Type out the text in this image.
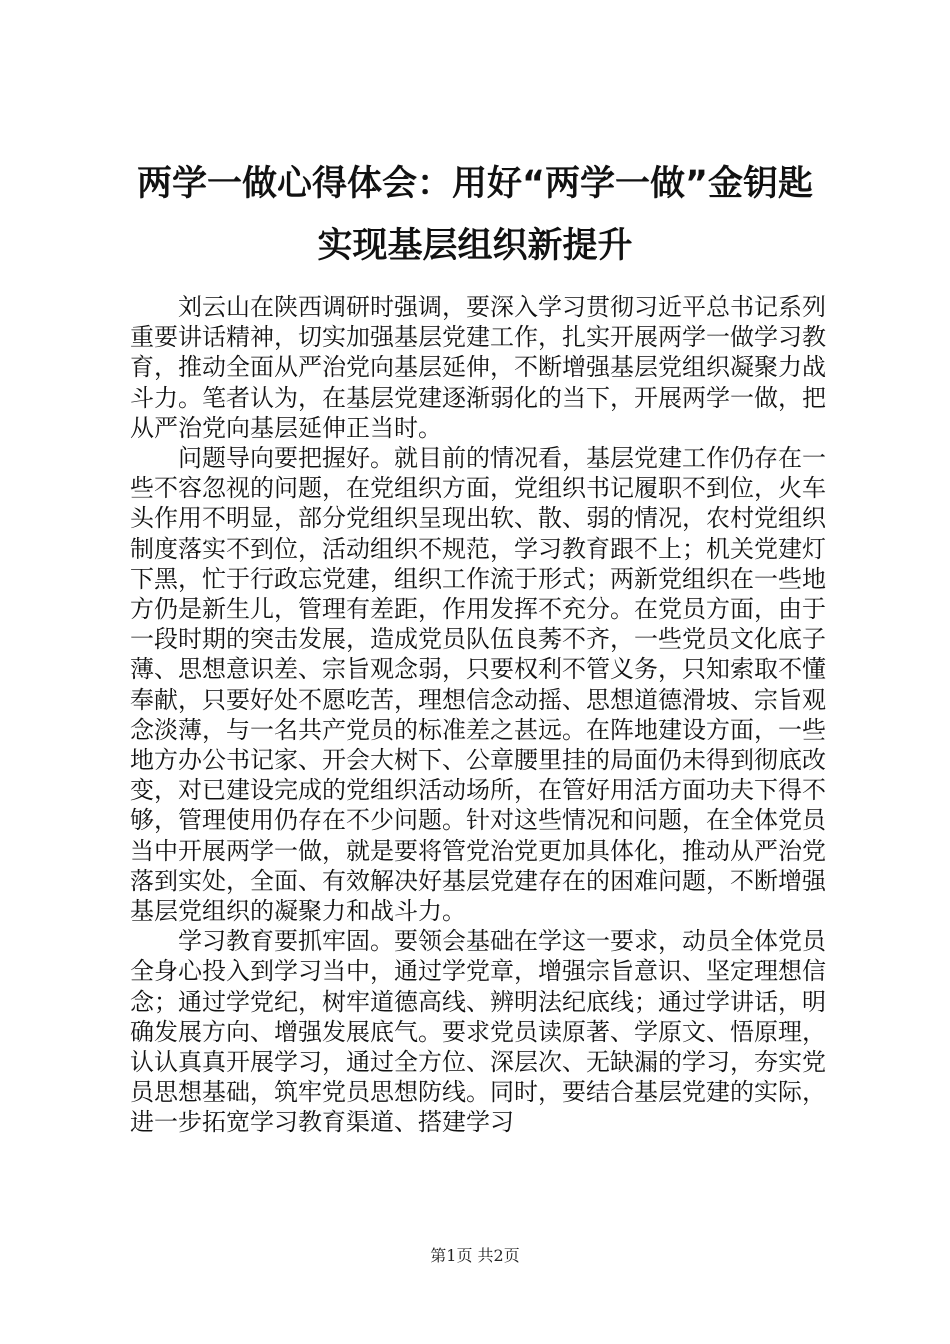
两学一做心得体会：用好“两学一做”金钥匙
实现基层组织新提升

刘云山在陕西调研时强调，要深入学习贯彻习近平总书记系列重要讲话精神，切实加强基层党建工作，扎实开展两学一做学习教育，推动全面从严治党向基层延伸，不断增强基层党组织凝聚力战斗力。笔者认为，在基层党建逐渐弱化的当下，开展两学一做，把从严治党向基层延伸正当时。

问题导向要把握好。就目前的情况看，基层党建工作仍存在一些不容忽视的问题，在党组织方面，党组织书记履职不到位，火车头作用不明显，部分党组织呈现出软、散、弱的情况，农村党组织制度落实不到位，活动组织不规范，学习教育跟不上；机关党建灯下黑，忙于行政忘党建，组织工作流于形式；两新党组织在一些地方仍是新生儿，管理有差距，作用发挥不充分。在党员方面，由于一段时期的突击发展，造成党员队伍良莠不齐，一些党员文化底子薄、思想意识差、宗旨观念弱，只要权利不管义务，只知索取不懂奉献，只要好处不愿吃苦，理想信念动摇、思想道德滑坡、宗旨观念淡薄，与一名共产党员的标准差之甚远。在阵地建设方面，一些地方办公书记家、开会大树下、公章腰里挂的局面仍未得到彻底改变，对已建设完成的党组织活动场所，在管好用活方面功夫下得不够，管理使用仍存在不少问题。针对这些情况和问题，在全体党员当中开展两学一做，就是要将管党治党更加具体化，推动从严治党落到实处，全面、有效解决好基层党建存在的困难问题，不断增强基层党组织的凝聚力和战斗力。

学习教育要抓牢固。要领会基础在学这一要求，动员全体党员全身心投入到学习当中，通过学党章，增强宗旨意识、坚定理想信念；通过学党纪，树牢道德高线、辨明法纪底线；通过学讲话，明确发展方向、增强发展底气。要求党员读原著、学原文、悟原理，认认真真开展学习，通过全方位、深层次、无缺漏的学习，夯实党员思想基础，筑牢党员思想防线。同时，要结合基层党建的实际，进一步拓宽学习教育渠道、搭建学习

第1页 共2页
